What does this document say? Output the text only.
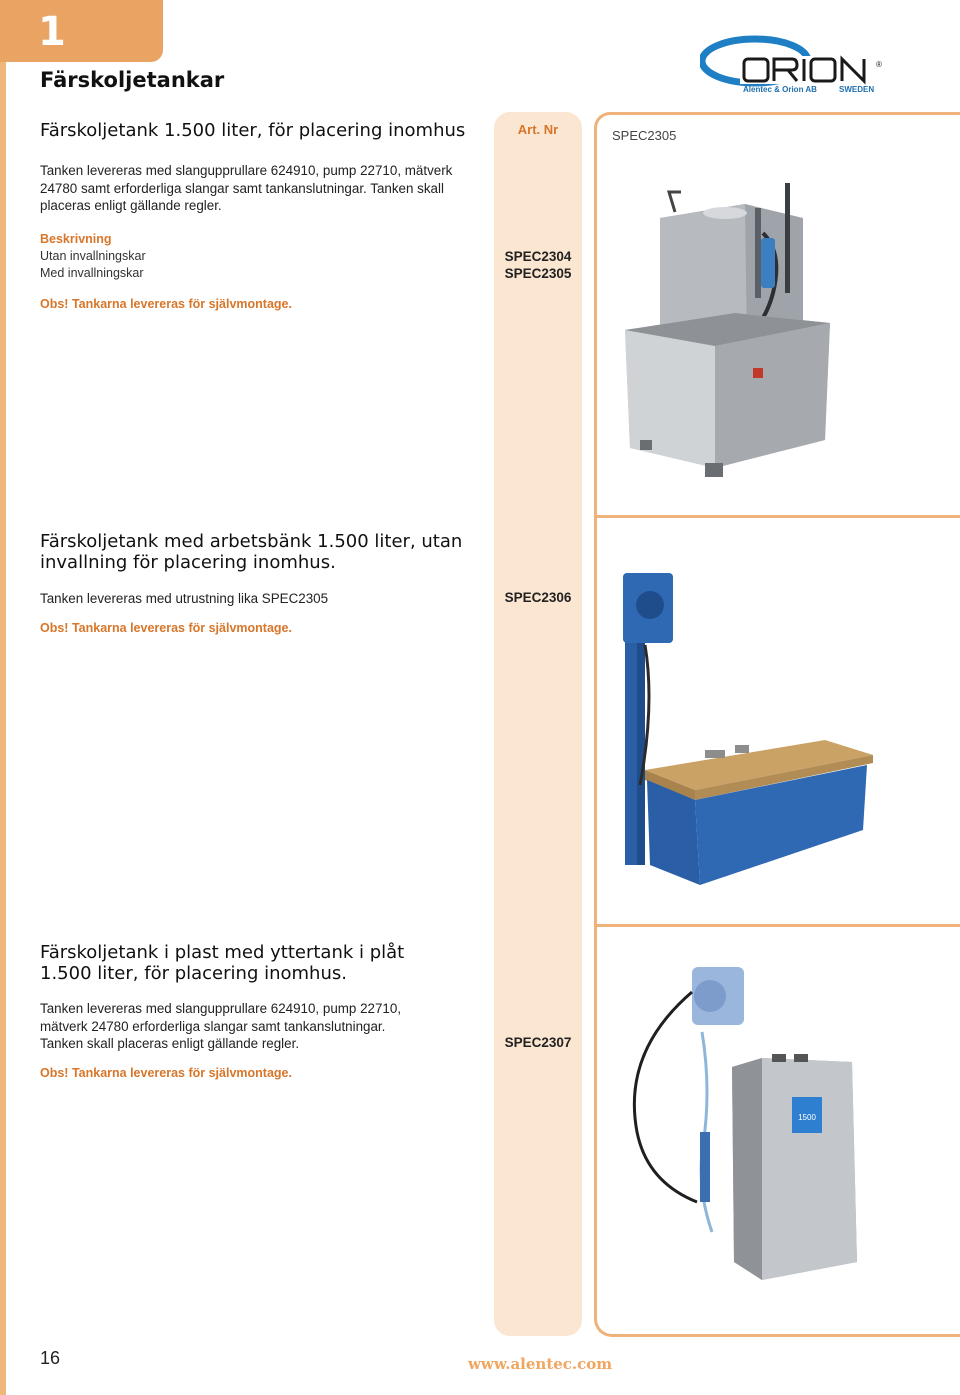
1
Färskoljetankar
®
Alentec & Orion AB	SWEDEN
Art. Nr	SPEC2305
Färskoljetank 1.500 liter, för placering inomhus
Tanken levereras med slangupprullare 624910, pump 22710, mätverk 24780 samt erforderliga slangar samt tankanslutningar. Tanken skall placeras enligt gällande regler.
Beskrivning
Utan invallningskar
Med invallningskar
SPEC2304
SPEC2305
Obs! Tankarna levereras för självmontage.
Färskoljetank med arbetsbänk 1.500 liter, utan
invallning för placering inomhus.
Tanken levereras med utrustning lika SPEC2305	SPEC2306
Obs! Tankarna levereras för självmontage.
Färskoljetank i plast med yttertank i plåt
1.500 liter, för placering inomhus.
Tanken levereras med slangupprullare 624910, pump 22710, mätverk 24780 erforderliga slangar samt tankanslutningar. Tanken skall placeras enligt gällande regler.	SPEC2307
Obs! Tankarna levereras för självmontage.
1500
16	www.alentec.com
